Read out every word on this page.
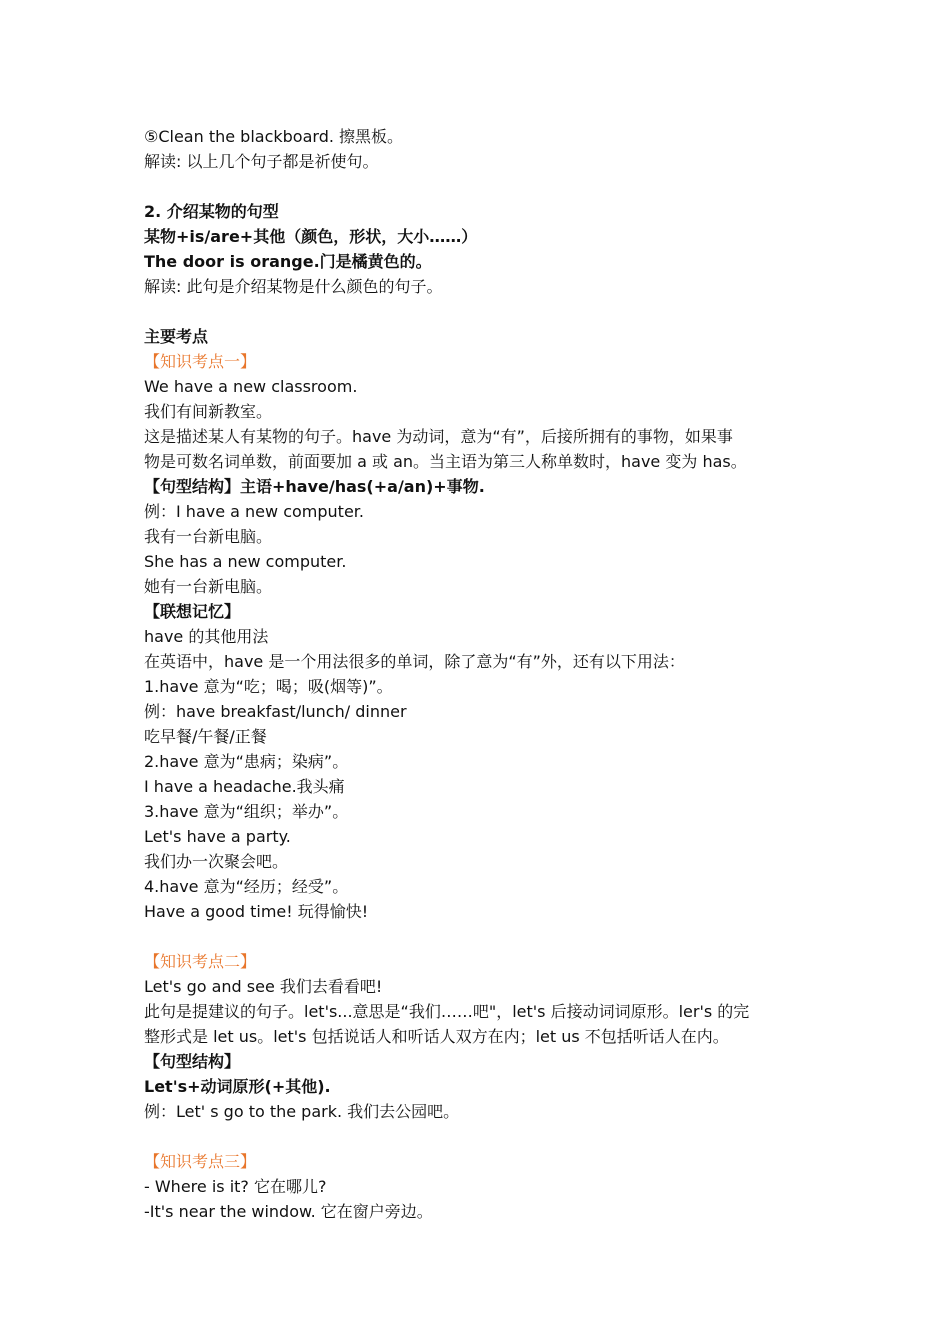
⑤Clean the blackboard. 擦黑板。
解读: 以上几个句子都是祈使句。
2. 介绍某物的句型
某物+is/are+其他（颜色，形状，大小……）
The door is orange.门是橘黄色的。
解读: 此句是介绍某物是什么颜色的句子。
主要考点
【知识考点一】
We have a new classroom.
我们有间新教室。
这是描述某人有某物的句子。have 为动词，意为“有”，后接所拥有的事物，如果事
物是可数名词单数，前面要加 a 或 an。当主语为第三人称单数时，have 变为 has。
【句型结构】主语+have/has(+a/an)+事物.
例：I have a new computer.
我有一台新电脑。
She has a new computer.
她有一台新电脑。
【联想记忆】
have 的其他用法
在英语中，have 是一个用法很多的单词，除了意为“有”外，还有以下用法：
1.have 意为“吃；喝；吸(烟等)”。
例：have breakfast/lunch/ dinner
吃早餐/午餐/正餐
2.have 意为“患病；染病”。
I have a headache.我头痛
3.have 意为“组织；举办”。
Let's have a party.
我们办一次聚会吧。
4.have 意为“经历；经受”。
Have a good time! 玩得愉快!
【知识考点二】
Let's go and see 我们去看看吧!
此句是提建议的句子。let's...意思是“我们……吧"，let's 后接动词词原形。ler's 的完
整形式是 let us。let's 包括说话人和听话人双方在内；let us 不包括听话人在内。
【句型结构】
Let's+动词原形(+其他).
例：Let' s go to the park. 我们去公园吧。
【知识考点三】
- Where is it? 它在哪儿?
-It's near the window. 它在窗户旁边。
